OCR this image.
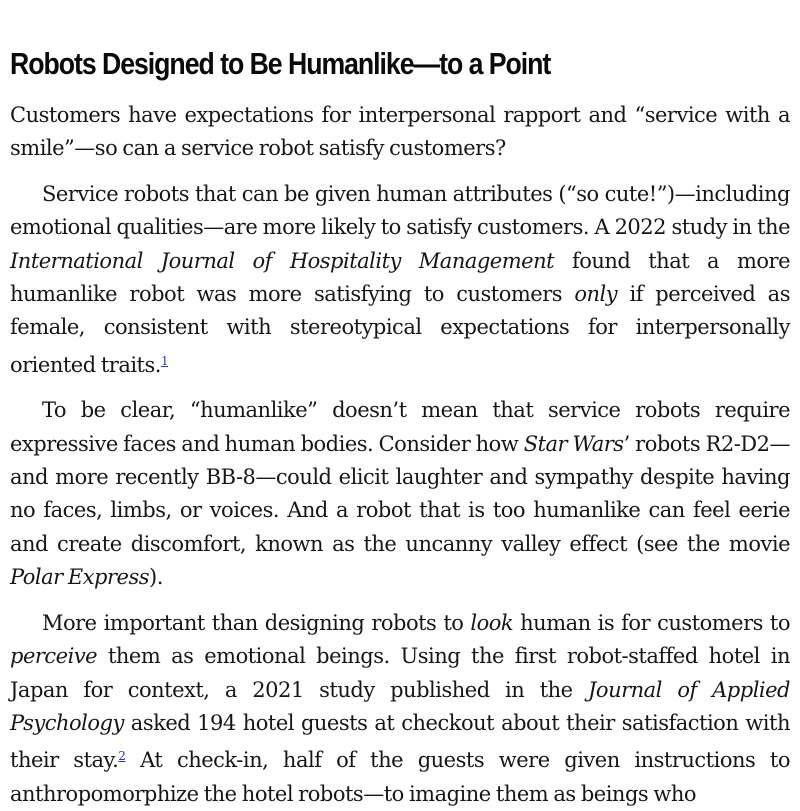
Robots Designed to Be Humanlike—to a Point

Customers have expectations for interpersonal rapport and “service with a smile”—so can a service robot satisfy customers?

Service robots that can be given human attributes (“so cute!”)—including emotional qualities—are more likely to satisfy customers. A 2022 study in the International Journal of Hospitality Management found that a more humanlike robot was more satisfying to customers only if perceived as female, consistent with stereotypical expectations for interpersonally oriented traits.$^1$

To be clear, “humanlike” doesn’t mean that service robots require expressive faces and human bodies. Consider how Star Wars’ robots R2-D2—and more recently BB-8—could elicit laughter and sympathy despite having no faces, limbs, or voices. And a robot that is too humanlike can feel eerie and create discomfort, known as the uncanny valley effect (see the movie Polar Express).

More important than designing robots to look human is for customers to perceive them as emotional beings. Using the first robot-staffed hotel in Japan for context, a 2021 study published in the Journal of Applied Psychology asked 194 hotel guests at checkout about their satisfaction with their stay.$^2$ At check-in, half of the guests were given instructions to anthropomorphize the hotel robots—to imagine them as beings who
